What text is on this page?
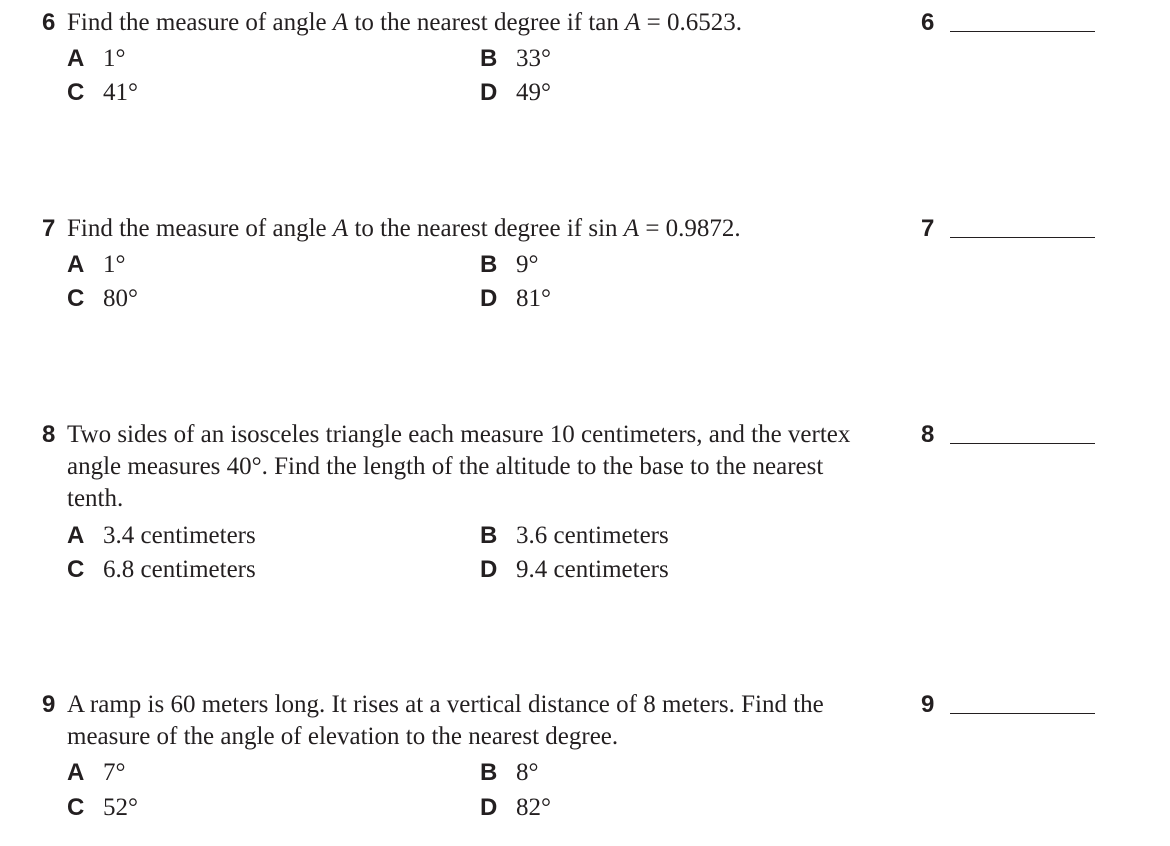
6 Find the measure of angle A to the nearest degree if tan A = 0.6523.

A 1°	B 33°
C 41°	D 49°
6
7 Find the measure of angle A to the nearest degree if sin A = 0.9872.

A 1°	B 9°
C 80°	D 81°
7
8 Two sides of an isosceles triangle each measure 10 centimeters, and the vertex angle measures 40°. Find the length of the altitude to the base to the nearest tenth.

A 3.4 centimeters	B 3.6 centimeters
C 6.8 centimeters	D 9.4 centimeters
8
9 A ramp is 60 meters long. It rises at a vertical distance of 8 meters. Find the measure of the angle of elevation to the nearest degree.

A 7°	B 8°
C 52°	D 82°
9
